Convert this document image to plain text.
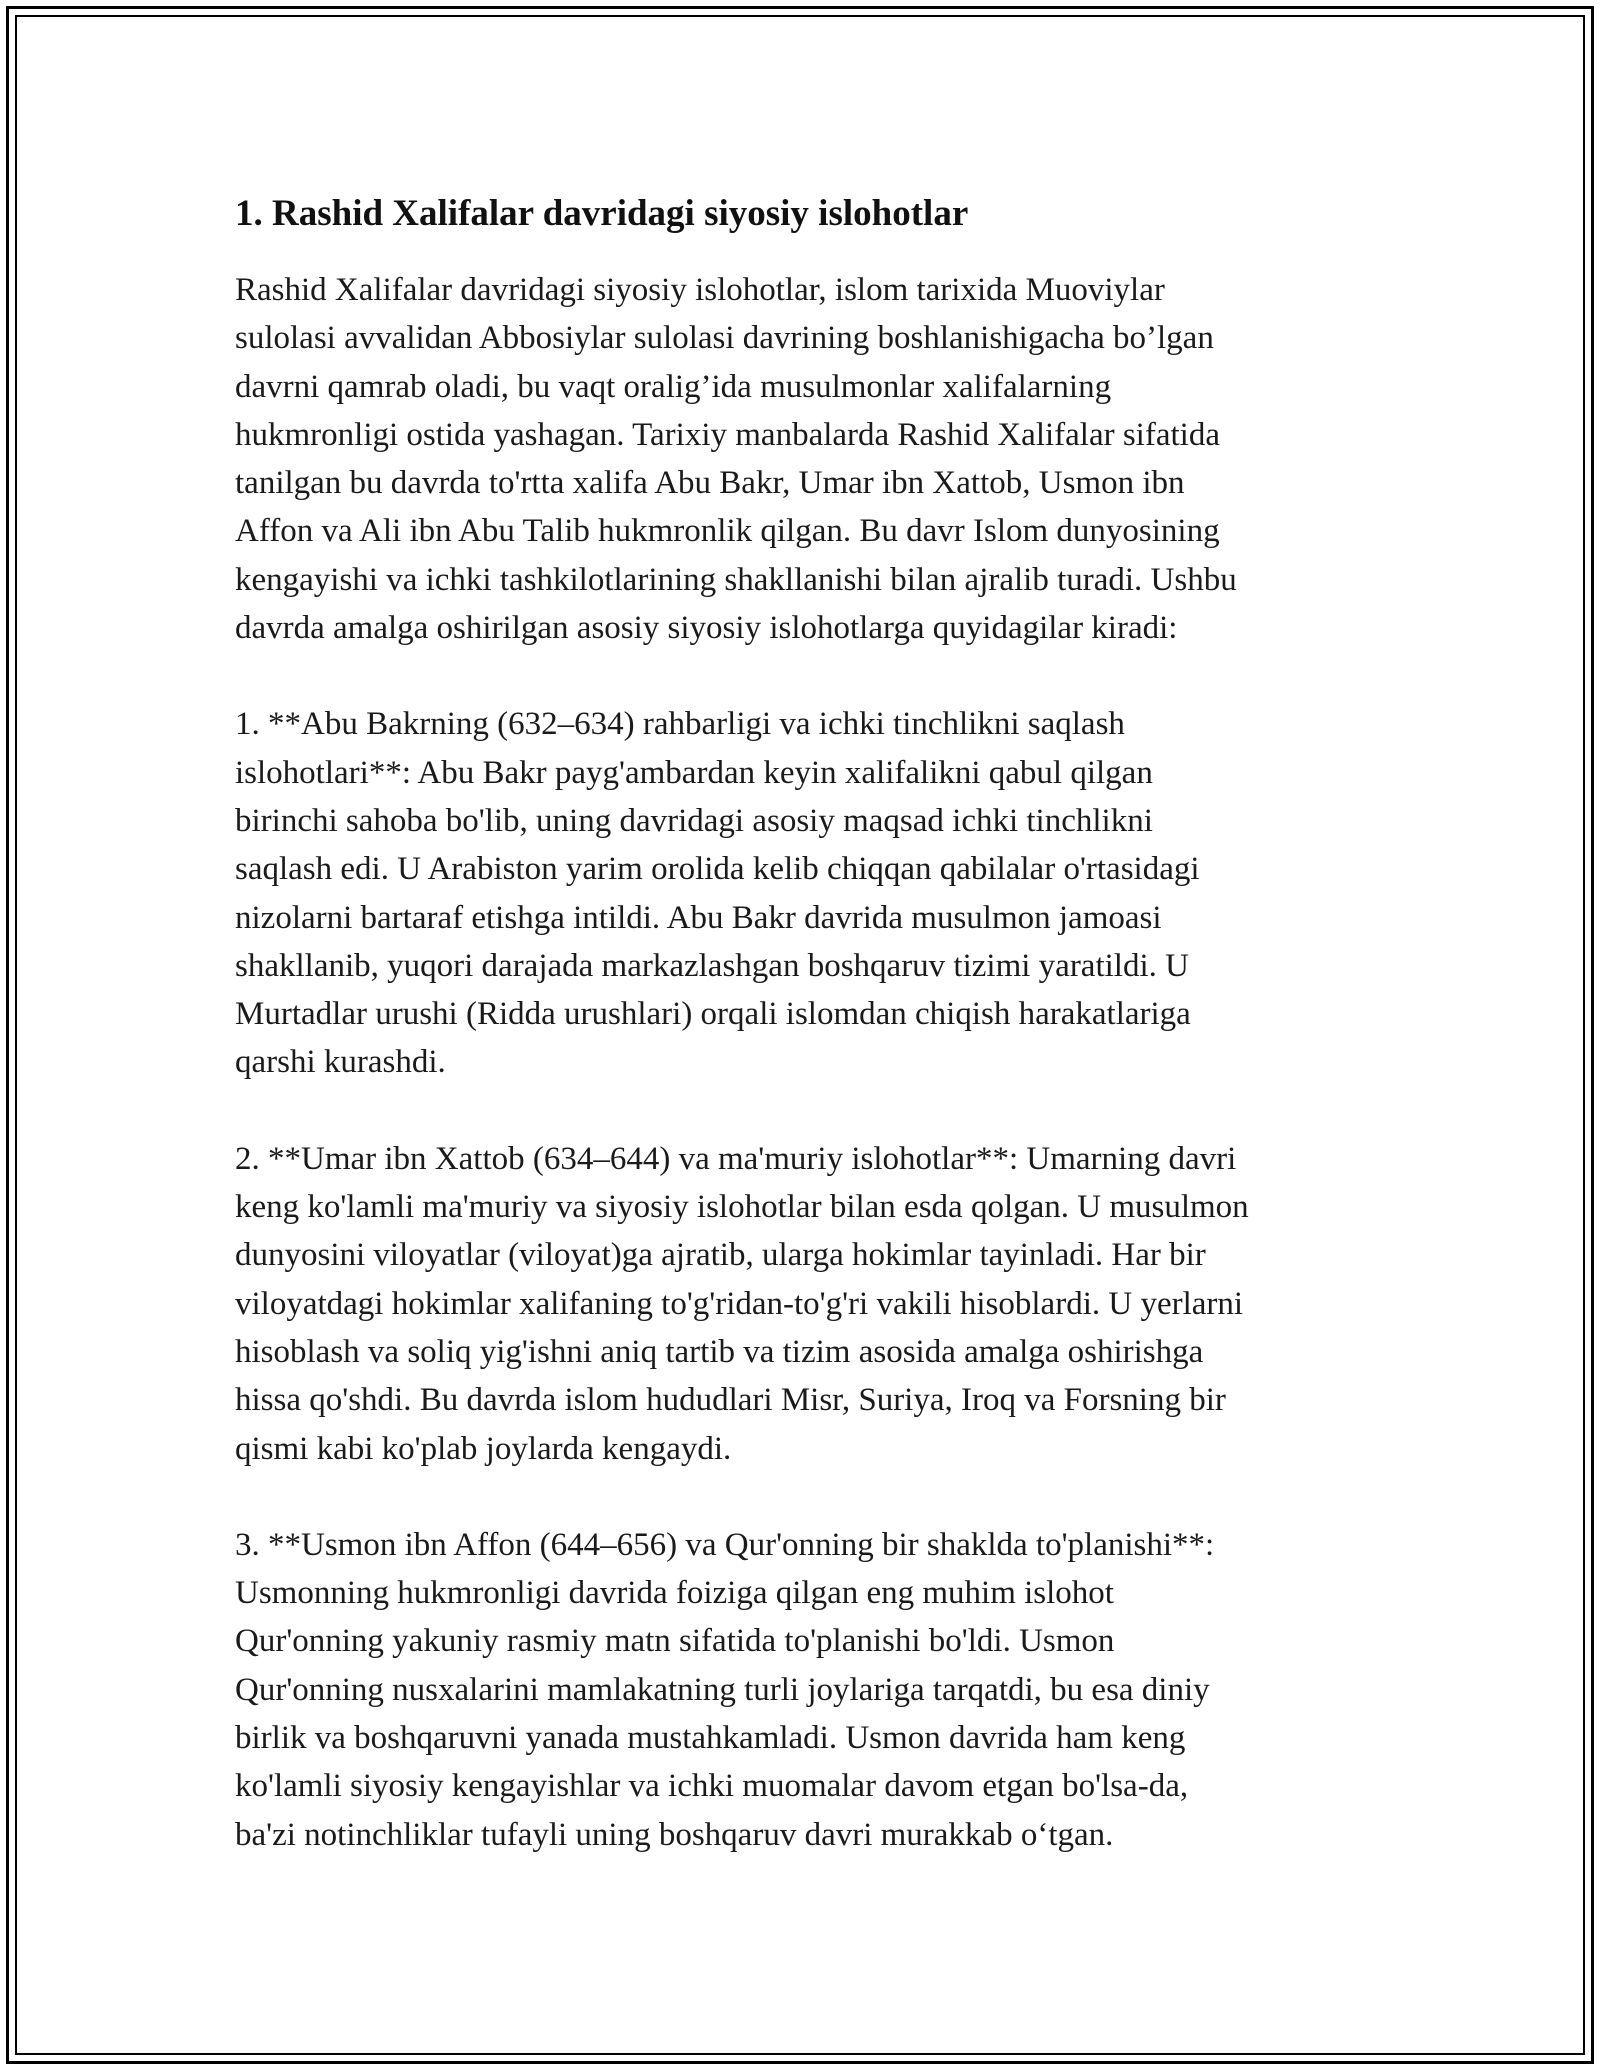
1. Rashid Xalifalar davridagi siyosiy islohotlar

Rashid Xalifalar davridagi siyosiy islohotlar, islom tarixida Muoviylar
sulolasi avvalidan Abbosiylar sulolasi davrining boshlanishigacha bo’lgan
davrni qamrab oladi, bu vaqt oralig’ida musulmonlar xalifalarning
hukmronligi ostida yashagan. Tarixiy manbalarda Rashid Xalifalar sifatida
tanilgan bu davrda to'rtta xalifa Abu Bakr, Umar ibn Xattob, Usmon ibn
Affon va Ali ibn Abu Talib hukmronlik qilgan. Bu davr Islom dunyosining
kengayishi va ichki tashkilotlarining shakllanishi bilan ajralib turadi. Ushbu
davrda amalga oshirilgan asosiy siyosiy islohotlarga quyidagilar kiradi:

1. **Abu Bakrning (632–634) rahbarligi va ichki tinchlikni saqlash
islohotlari**: Abu Bakr payg'ambardan keyin xalifalikni qabul qilgan
birinchi sahoba bo'lib, uning davridagi asosiy maqsad ichki tinchlikni
saqlash edi. U Arabiston yarim orolida kelib chiqqan qabilalar o'rtasidagi
nizolarni bartaraf etishga intildi. Abu Bakr davrida musulmon jamoasi
shakllanib, yuqori darajada markazlashgan boshqaruv tizimi yaratildi. U
Murtadlar urushi (Ridda urushlari) orqali islomdan chiqish harakatlariga
qarshi kurashdi.

2. **Umar ibn Xattob (634–644) va ma'muriy islohotlar**: Umarning davri
keng ko'lamli ma'muriy va siyosiy islohotlar bilan esda qolgan. U musulmon
dunyosini viloyatlar (viloyat)ga ajratib, ularga hokimlar tayinladi. Har bir
viloyatdagi hokimlar xalifaning to'g'ridan-to'g'ri vakili hisoblardi. U yerlarni
hisoblash va soliq yig'ishni aniq tartib va tizim asosida amalga oshirishga
hissa qo'shdi. Bu davrda islom hududlari Misr, Suriya, Iroq va Forsning bir
qismi kabi ko'plab joylarda kengaydi.

3. **Usmon ibn Affon (644–656) va Qur'onning bir shaklda to'planishi**:
Usmonning hukmronligi davrida foiziga qilgan eng muhim islohot
Qur'onning yakuniy rasmiy matn sifatida to'planishi bo'ldi. Usmon
Qur'onning nusxalarini mamlakatning turli joylariga tarqatdi, bu esa diniy
birlik va boshqaruvni yanada mustahkamladi. Usmon davrida ham keng
ko'lamli siyosiy kengayishlar va ichki muomalar davom etgan bo'lsa-da,
ba'zi notinchliklar tufayli uning boshqaruv davri murakkab o‘tgan.
